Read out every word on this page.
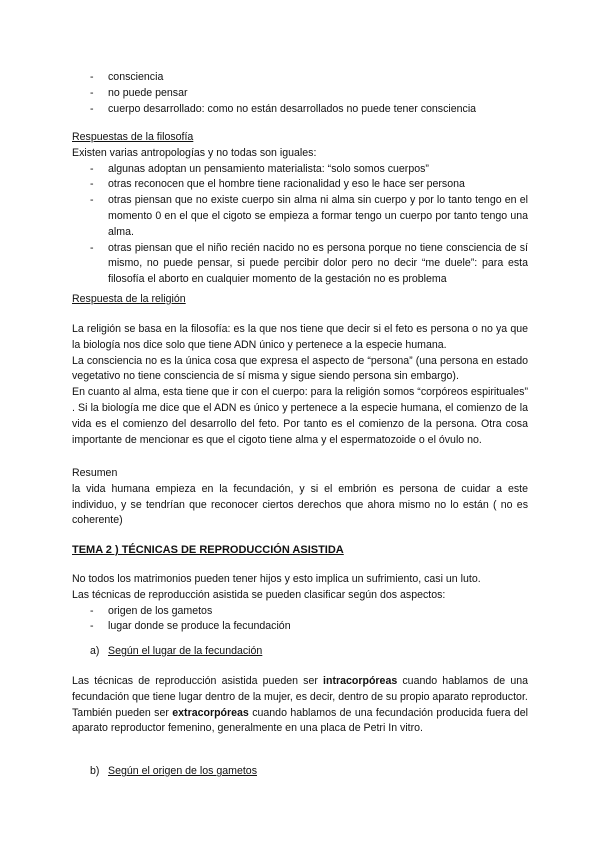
- consciencia
- no puede pensar
- cuerpo desarrollado: como no están desarrollados no puede tener consciencia

Respuestas de la filosofía

Existen varias antropologías y no todas son iguales:

- algunas adoptan un pensamiento materialista: “solo somos cuerpos”
- otras reconocen que el hombre tiene racionalidad y eso le hace ser persona
- otras piensan que no existe cuerpo sin alma ni alma sin cuerpo y por lo tanto tengo en el momento 0 en el que el cigoto se empieza a formar tengo un cuerpo por tanto tengo una alma.
- otras piensan que el niño recién nacido no es persona porque no tiene consciencia de sí mismo, no puede pensar, si puede percibir dolor pero no decir “me duele”: para esta filosofía el aborto en cualquier momento de la gestación no es problema

Respuesta de la religión

La religión se basa en la filosofía: es la que nos tiene que decir si el feto es persona o no ya que la biología nos dice solo que tiene ADN único y pertenece a la especie humana.

La consciencia no es la única cosa que expresa el aspecto de “persona” (una persona en estado vegetativo no tiene consciencia de sí misma y sigue siendo persona sin embargo).

En cuanto al alma, esta tiene que ir con el cuerpo: para la religión somos “corpóreos espirituales” . Si la biología me dice que el ADN es único y pertenece a la especie humana, el comienzo de la vida es el comienzo del desarrollo del feto. Por tanto es el comienzo de la persona. Otra cosa importante de mencionar es que el cigoto tiene alma y el espermatozoide o el óvulo no.

Resumen

la vida humana empieza en la fecundación, y si el embrión es persona de cuidar a este individuo, y se tendrían que reconocer ciertos derechos que ahora mismo no lo están ( no es coherente)

TEMA 2 ) TÉCNICAS DE REPRODUCCIÓN ASISTIDA

No todos los matrimonios pueden tener hijos y esto implica un sufrimiento, casi un luto.

Las técnicas de reproducción asistida se pueden clasificar según dos aspectos:

- origen de los gametos
- lugar donde se produce la fecundación

a) Según el lugar de la fecundación

Las técnicas de reproducción asistida pueden ser intracorpóreas cuando hablamos de una fecundación que tiene lugar dentro de la mujer, es decir, dentro de su propio aparato reproductor.

También pueden ser extracorpóreas cuando hablamos de una fecundación producida fuera del aparato reproductor femenino, generalmente en una placa de Petri In vitro.

b) Según el origen de los gametos
